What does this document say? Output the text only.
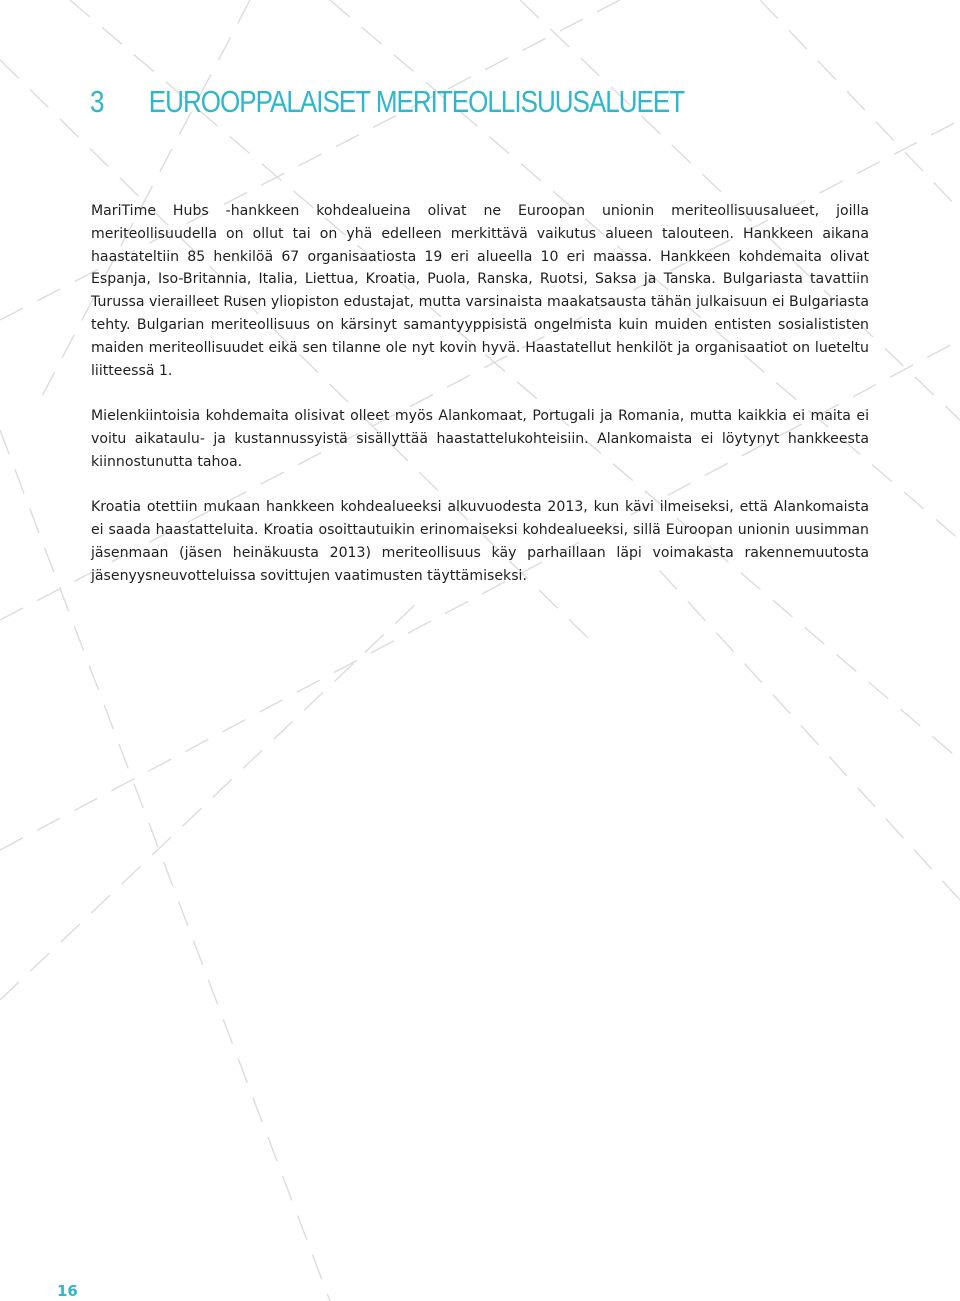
3	EUROOPPALAISET MERITEOLLISUUSALUEET

MariTime Hubs -hankkeen kohdealueina olivat ne Euroopan unionin meriteollisuusalueet, joilla meriteollisuudella on ollut tai on yhä edelleen merkittävä vaikutus alueen talouteen. Hankkeen aikana haastateltiin 85 henkilöä 67 organisaatiosta 19 eri alueella 10 eri maassa. Hankkeen kohdemaita olivat Espanja, Iso-Britannia, Italia, Liettua, Kroatia, Puola, Ranska, Ruotsi, Saksa ja Tanska. Bulgariasta tavattiin Turussa vierailleet Rusen yliopiston edustajat, mutta varsinaista maakatsausta tähän julkaisuun ei Bulgariasta tehty. Bulgarian meriteollisuus on kärsinyt samantyyppisistä ongelmista kuin muiden entisten sosialististen maiden meriteollisuudet eikä sen tilanne ole nyt kovin hyvä. Haastatellut henkilöt ja organisaatiot on lueteltu liitteessä 1.

Mielenkiintoisia kohdemaita olisivat olleet myös Alankomaat, Portugali ja Romania, mutta kaikkia ei maita ei voitu aikataulu- ja kustannussyistä sisällyttää haastattelukohteisiin. Alankomaista ei löytynyt hankkeesta kiinnostunutta tahoa.

Kroatia otettiin mukaan hankkeen kohdealueeksi alkuvuodesta 2013, kun kävi ilmeiseksi, että Alankomaista ei saada haastatteluita. Kroatia osoittautuikin erinomaiseksi kohdealueeksi, sillä Euroopan unionin uusimman jäsenmaan (jäsen heinäkuusta 2013) meriteollisuus käy parhaillaan läpi voimakasta rakennemuutosta jäsenyysneuvotteluissa sovittujen vaatimusten täyttämiseksi.

16
